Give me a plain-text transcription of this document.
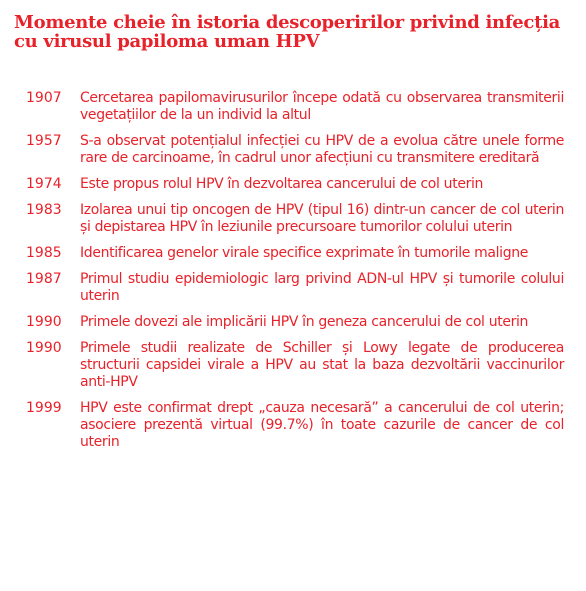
Momente cheie în istoria descoperirilor privind infecția cu virusul papiloma uman HPV
1907	Cercetarea papilomavirusurilor începe odată cu observarea transmiterii vegetațiilor de la un individ la altul
1957	S-a observat potențialul infecției cu HPV de a evolua către unele forme rare de carcinoame, în cadrul unor afecțiuni cu transmitere ereditară
1974	Este propus rolul HPV în dezvoltarea cancerului de col uterin
1983	Izolarea unui tip oncogen de HPV (tipul 16) dintr-un cancer de col uterin și depistarea HPV în leziunile precursoare tumorilor colului uterin
1985	Identificarea genelor virale specifice exprimate în tumorile maligne
1987	Primul studiu epidemiologic larg privind ADN-ul HPV și tumorile colului uterin
1990	Primele dovezi ale implicării HPV în geneza cancerului de col uterin
1990	Primele studii realizate de Schiller și Lowy legate de producerea structurii capsidei virale a HPV au stat la baza dezvoltării vaccinurilor anti-HPV
1999	HPV este confirmat drept „cauza necesară” a cancerului de col uterin; asociere prezentă virtual (99.7%) în toate cazurile de cancer de col uterin
